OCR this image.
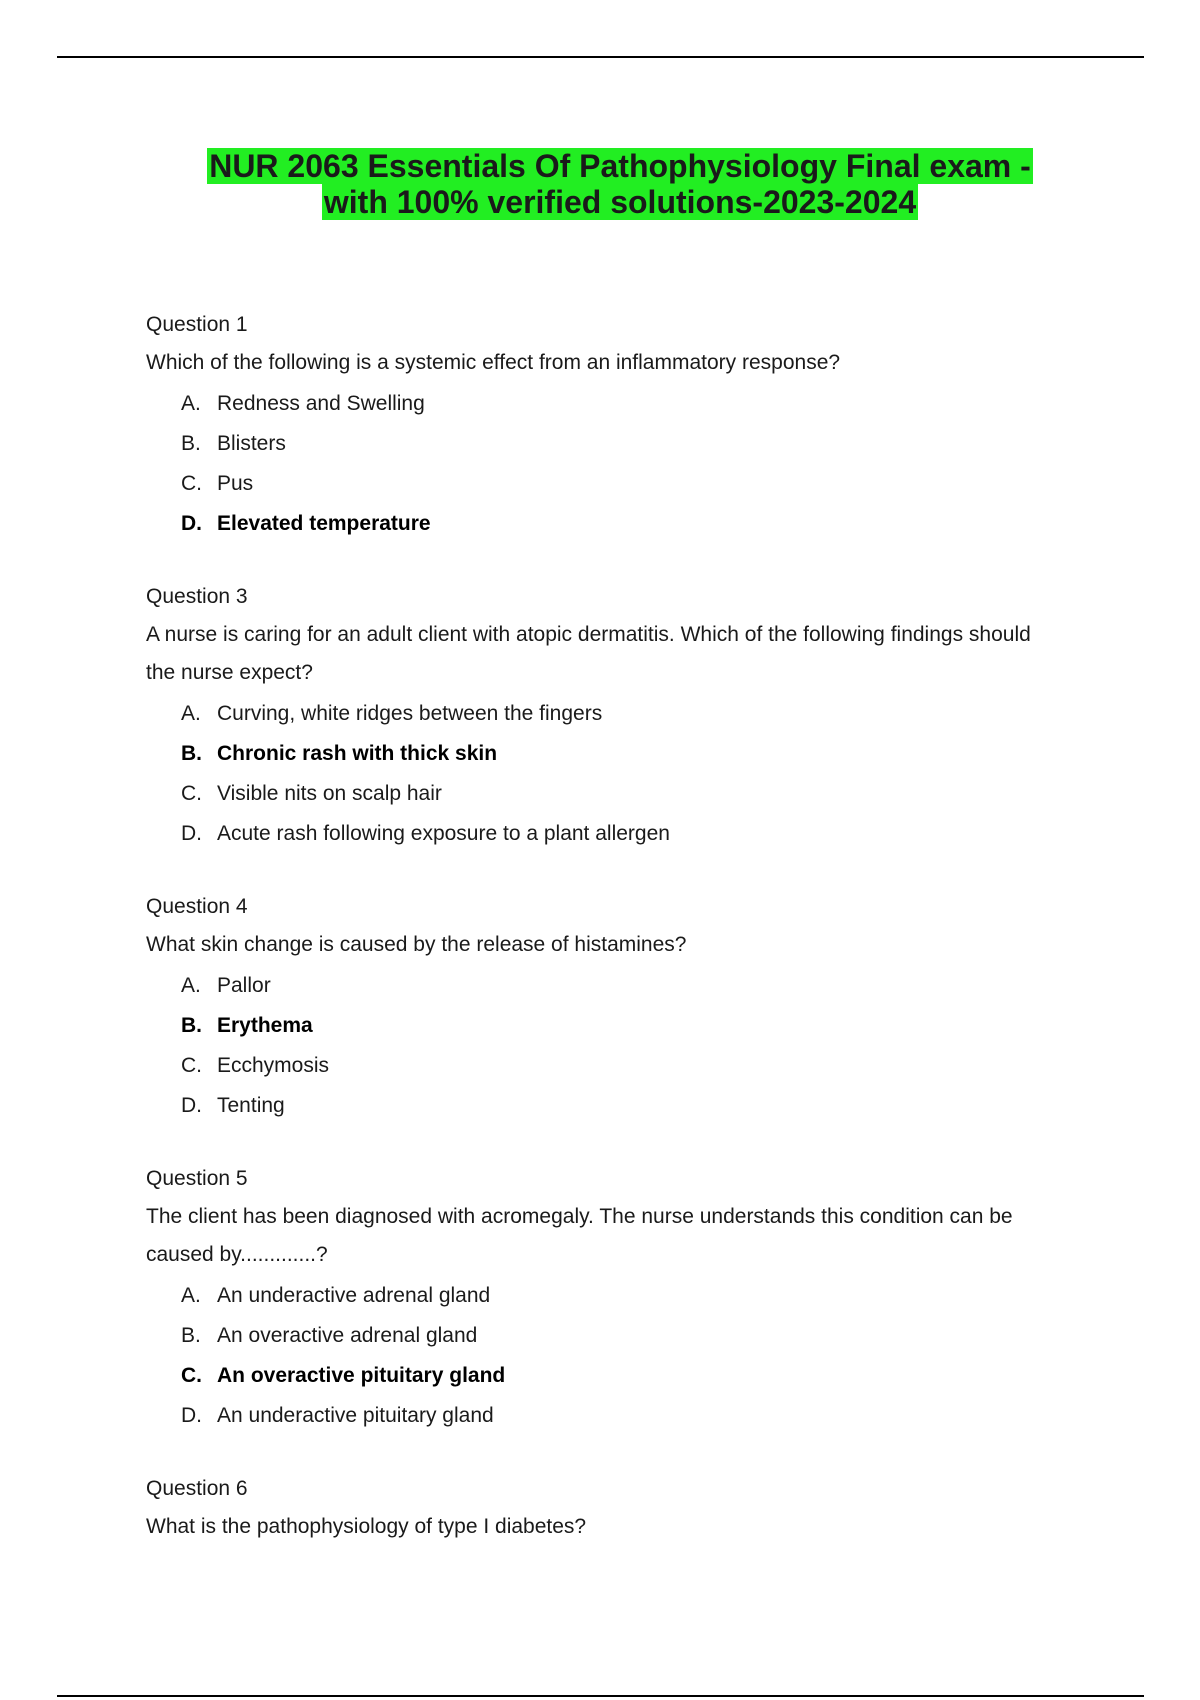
NUR 2063 Essentials Of Pathophysiology Final exam -
with 100% verified solutions-2023-2024
Question 1
Which of the following is a systemic effect from an inflammatory response?
A. Redness and Swelling
B. Blisters
C. Pus
D. Elevated temperature
Question 3
A nurse is caring for an adult client with atopic dermatitis. Which of the following findings should the nurse expect?
A. Curving, white ridges between the fingers
B. Chronic rash with thick skin
C. Visible nits on scalp hair
D. Acute rash following exposure to a plant allergen
Question 4
What skin change is caused by the release of histamines?
A. Pallor
B. Erythema
C. Ecchymosis
D. Tenting
Question 5
The client has been diagnosed with acromegaly. The nurse understands this condition can be caused by.............?
A. An underactive adrenal gland
B. An overactive adrenal gland
C. An overactive pituitary gland
D. An underactive pituitary gland
Question 6
What is the pathophysiology of type I diabetes?
